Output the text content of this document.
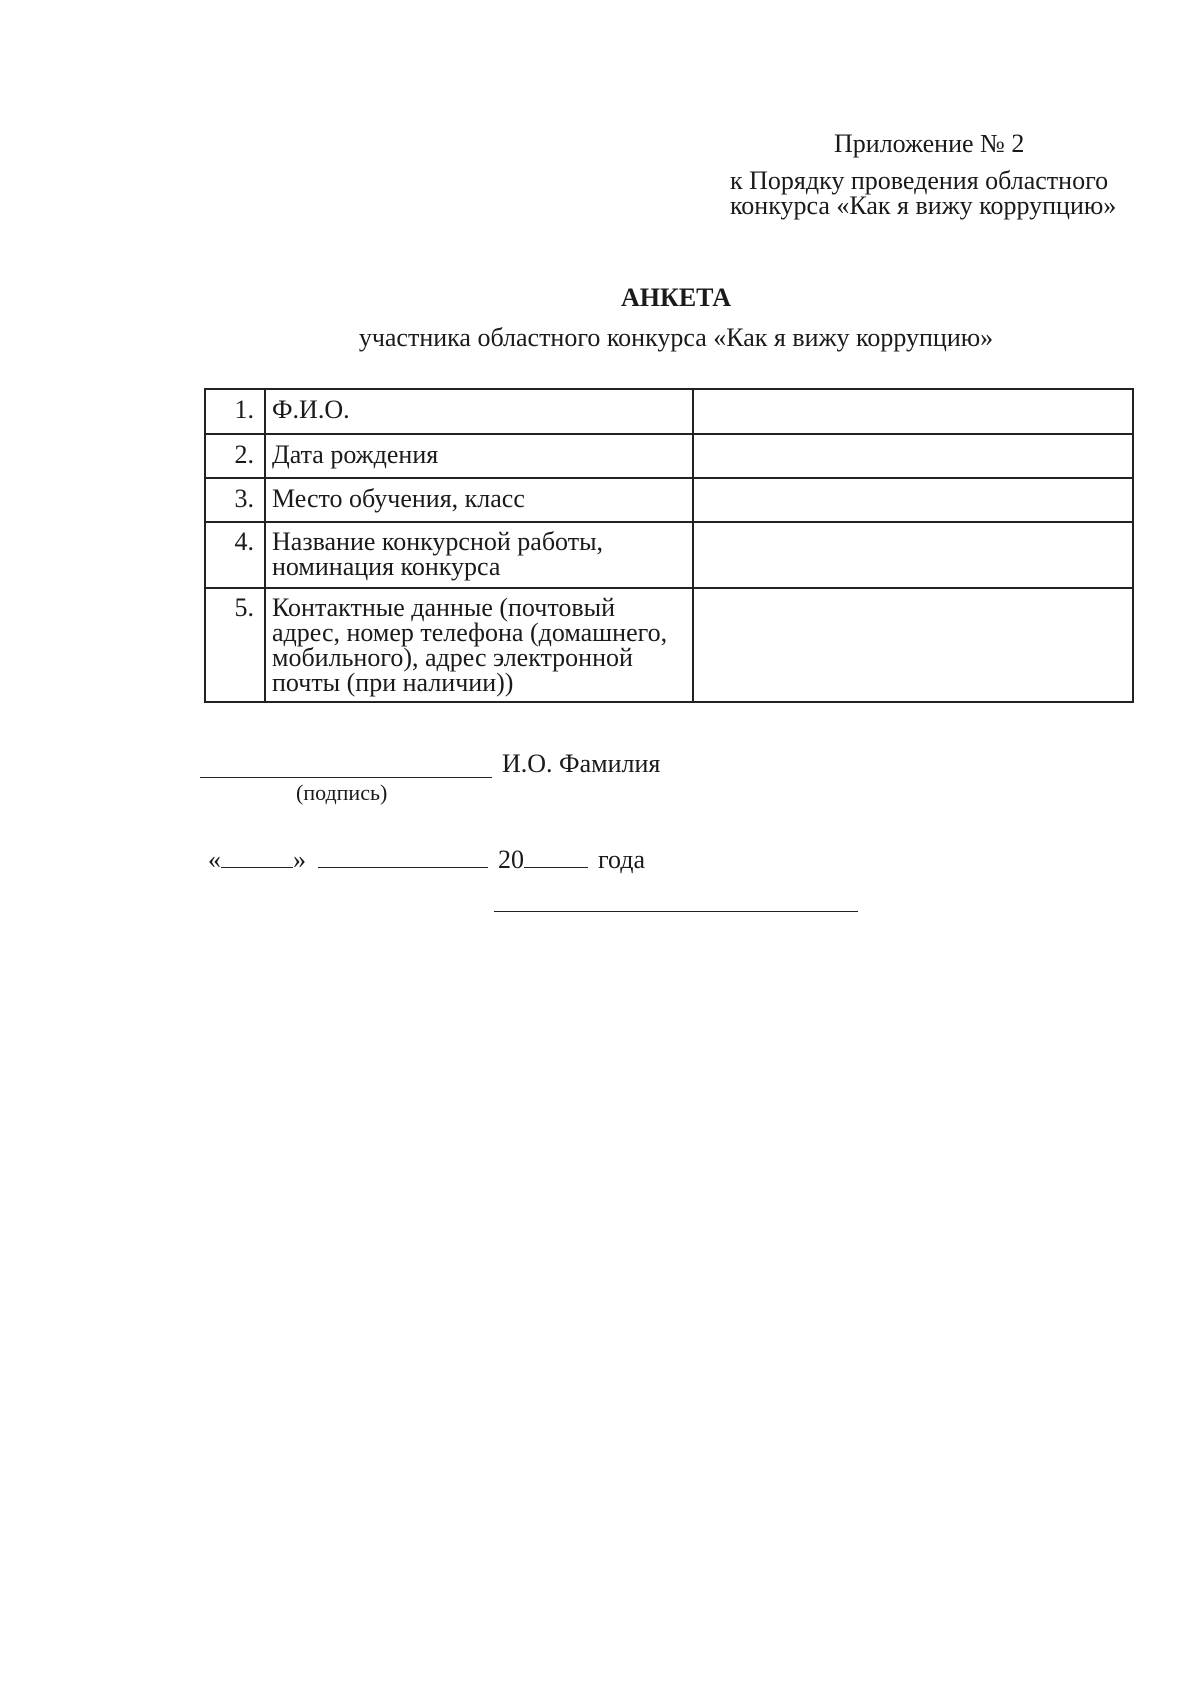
Приложение № 2
к Порядку проведения областного
конкурса «Как я вижу коррупцию»
АНКЕТА
участника областного конкурса «Как я вижу коррупцию»
1.	Ф.И.О.	
2.	Дата рождения	
3.	Место обучения, класс	
4.	Название конкурсной работы, номинация конкурса	
5.	Контактные данные (почтовый адрес, номер телефона (домашнего, мобильного), адрес электронной почты (при наличии))	
И.О. Фамилия
(подпись)
«	»	20	года
